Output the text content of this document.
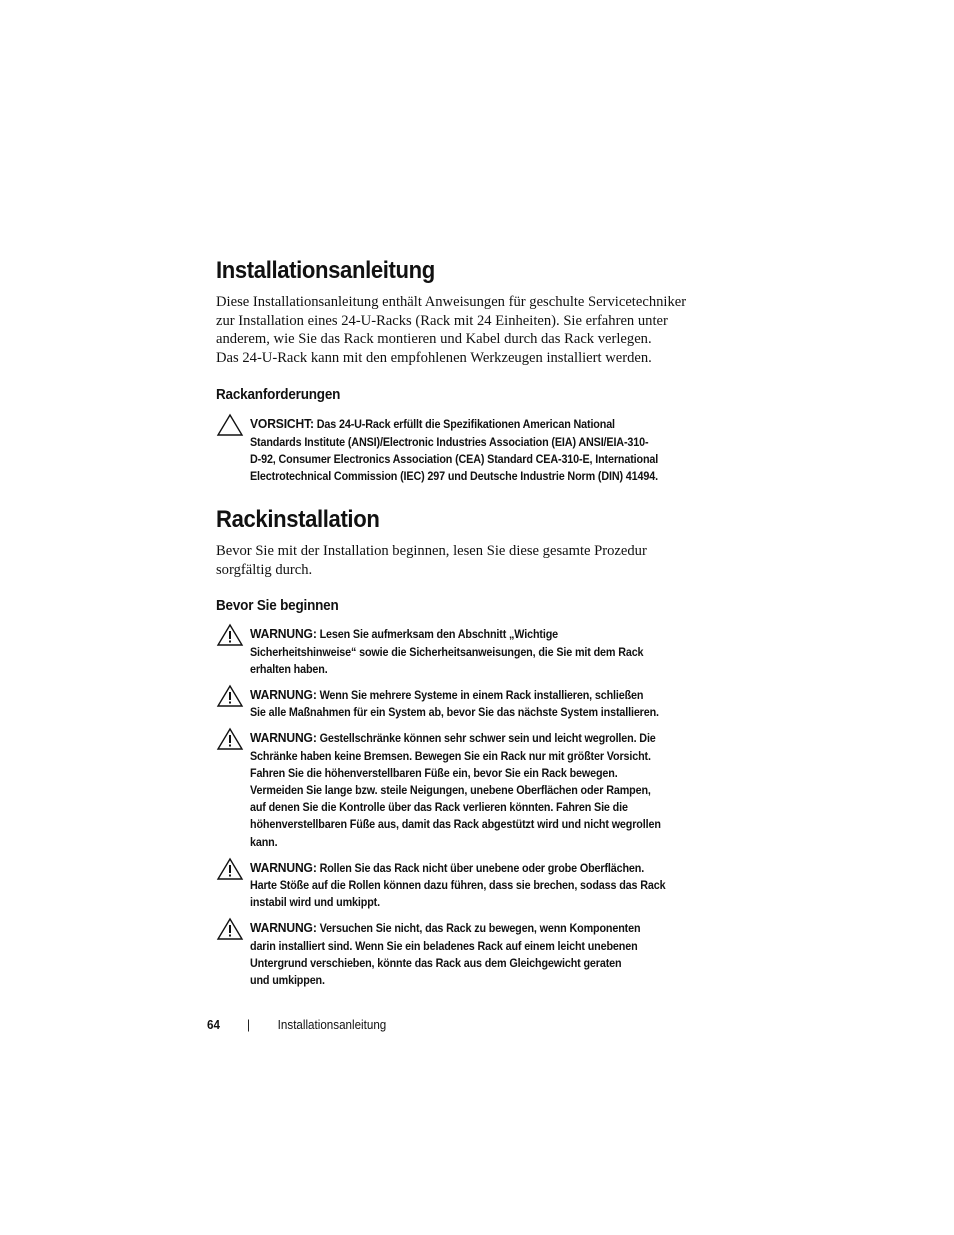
Installationsanleitung
Diese Installationsanleitung enthält Anweisungen für geschulte Servicetechniker
zur Installation eines 24-U-Racks (Rack mit 24 Einheiten). Sie erfahren unter
anderem, wie Sie das Rack montieren und Kabel durch das Rack verlegen.
Das 24-U-Rack kann mit den empfohlenen Werkzeugen installiert werden.
Rackanforderungen
VORSICHT: Das 24-U-Rack erfüllt die Spezifikationen American National
Standards Institute (ANSI)/Electronic Industries Association (EIA) ANSI/EIA-310-
D-92, Consumer Electronics Association (CEA) Standard CEA-310-E, International
Electrotechnical Commission (IEC) 297 und Deutsche Industrie Norm (DIN) 41494.
Rackinstallation
Bevor Sie mit der Installation beginnen, lesen Sie diese gesamte Prozedur
sorgfältig durch.
Bevor Sie beginnen
WARNUNG: Lesen Sie aufmerksam den Abschnitt „Wichtige
Sicherheitshinweise“ sowie die Sicherheitsanweisungen, die Sie mit dem Rack
erhalten haben.
WARNUNG: Wenn Sie mehrere Systeme in einem Rack installieren, schließen
Sie alle Maßnahmen für ein System ab, bevor Sie das nächste System installieren.
WARNUNG: Gestellschränke können sehr schwer sein und leicht wegrollen. Die
Schränke haben keine Bremsen. Bewegen Sie ein Rack nur mit größter Vorsicht.
Fahren Sie die höhenverstellbaren Füße ein, bevor Sie ein Rack bewegen.
Vermeiden Sie lange bzw. steile Neigungen, unebene Oberflächen oder Rampen,
auf denen Sie die Kontrolle über das Rack verlieren könnten. Fahren Sie die
höhenverstellbaren Füße aus, damit das Rack abgestützt wird und nicht wegrollen
kann.
WARNUNG: Rollen Sie das Rack nicht über unebene oder grobe Oberflächen.
Harte Stöße auf die Rollen können dazu führen, dass sie brechen, sodass das Rack
instabil wird und umkippt.
WARNUNG: Versuchen Sie nicht, das Rack zu bewegen, wenn Komponenten
darin installiert sind. Wenn Sie ein beladenes Rack auf einem leicht unebenen
Untergrund verschieben, könnte das Rack aus dem Gleichgewicht geraten
und umkippen.
64 | Installationsanleitung
